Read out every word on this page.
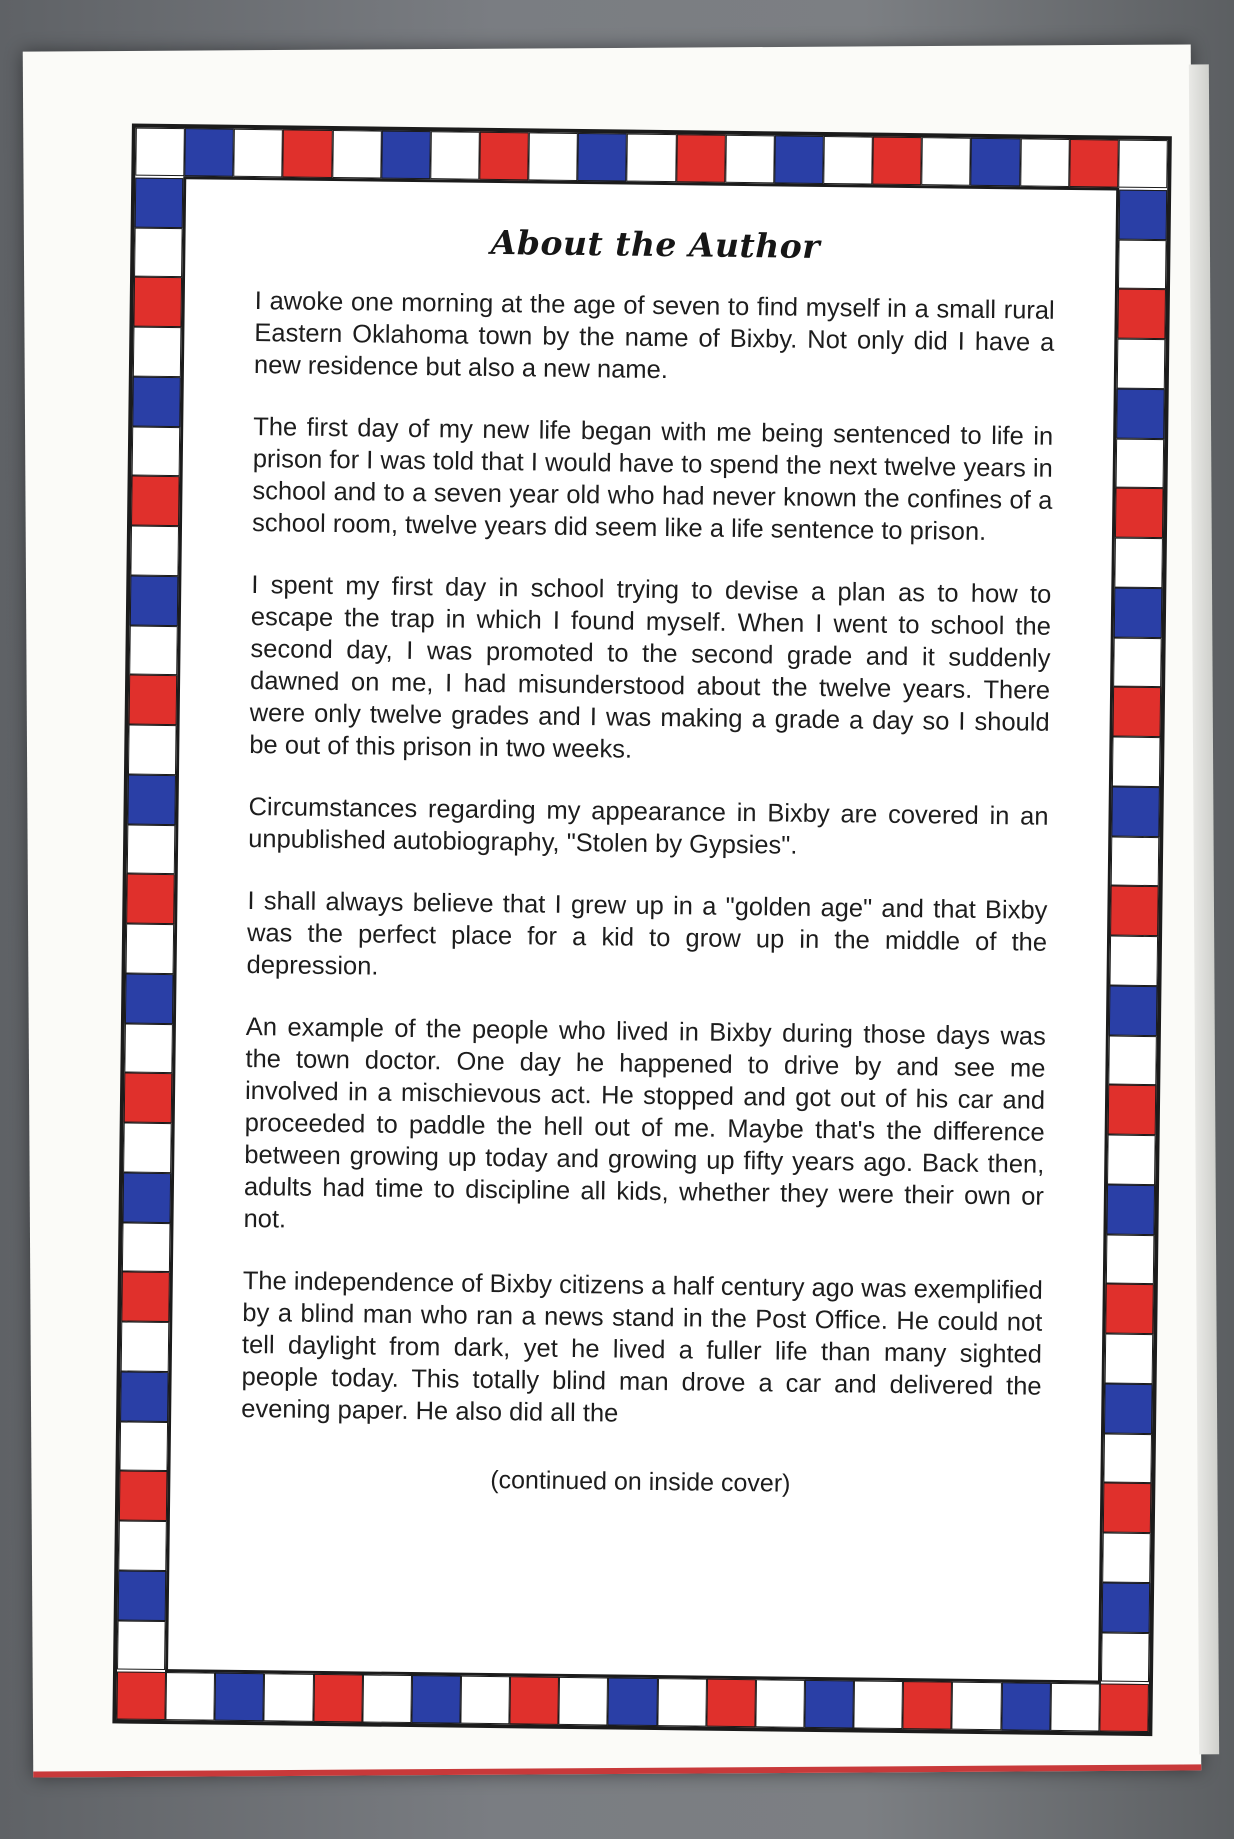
About the Author

I awoke one morning at the age of seven to find myself in a small rural Eastern Oklahoma town by the name of Bixby. Not only did I have a new residence but also a new name.

The first day of my new life began with me being sentenced to life in prison for I was told that I would have to spend the next twelve years in school and to a seven year old who had never known the confines of a school room, twelve years did seem like a life sentence to prison.

I spent my first day in school trying to devise a plan as to how to escape the trap in which I found myself. When I went to school the second day, I was promoted to the second grade and it suddenly dawned on me, I had misunderstood about the twelve years. There were only twelve grades and I was making a grade a day so I should be out of this prison in two weeks.

Circumstances regarding my appearance in Bixby are covered in an unpublished autobiography, "Stolen by Gypsies".

I shall always believe that I grew up in a "golden age" and that Bixby was the perfect place for a kid to grow up in the middle of the depression.

An example of the people who lived in Bixby during those days was the town doctor. One day he happened to drive by and see me involved in a mischievous act. He stopped and got out of his car and proceeded to paddle the hell out of me. Maybe that's the difference between growing up today and growing up fifty years ago. Back then, adults had time to discipline all kids, whether they were their own or not.

The independence of Bixby citizens a half century ago was exemplified by a blind man who ran a news stand in the Post Office. He could not tell daylight from dark, yet he lived a fuller life than many sighted people today. This totally blind man drove a car and delivered the evening paper. He also did all the

(continued on inside cover)
